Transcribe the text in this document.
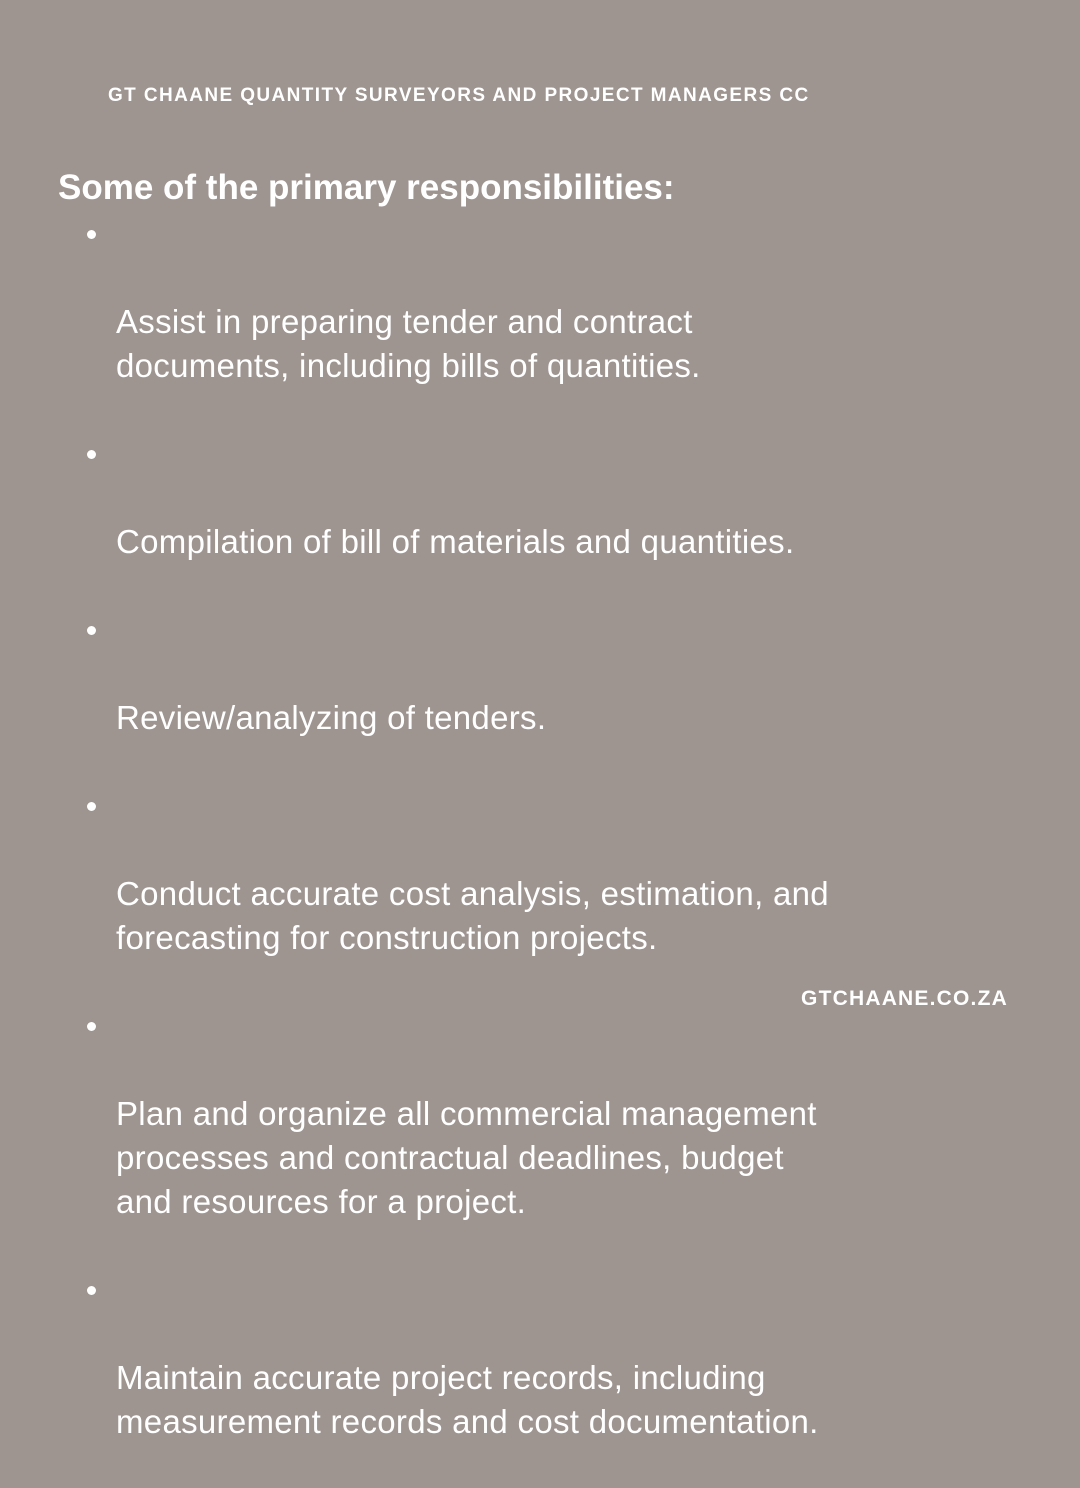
GT CHAANE QUANTITY SURVEYORS AND PROJECT MANAGERS CC
Some of the primary responsibilities:

Assist in preparing tender and contract
documents, including bills of quantities.

Compilation of bill of materials and quantities.

Review/analyzing of tenders.

Conduct accurate cost analysis, estimation, and
forecasting for construction projects.

Plan and organize all commercial management
processes and contractual deadlines, budget
and resources for a project.

Maintain accurate project records, including
measurement records and cost documentation.

GTCHAANE.CO.ZA
